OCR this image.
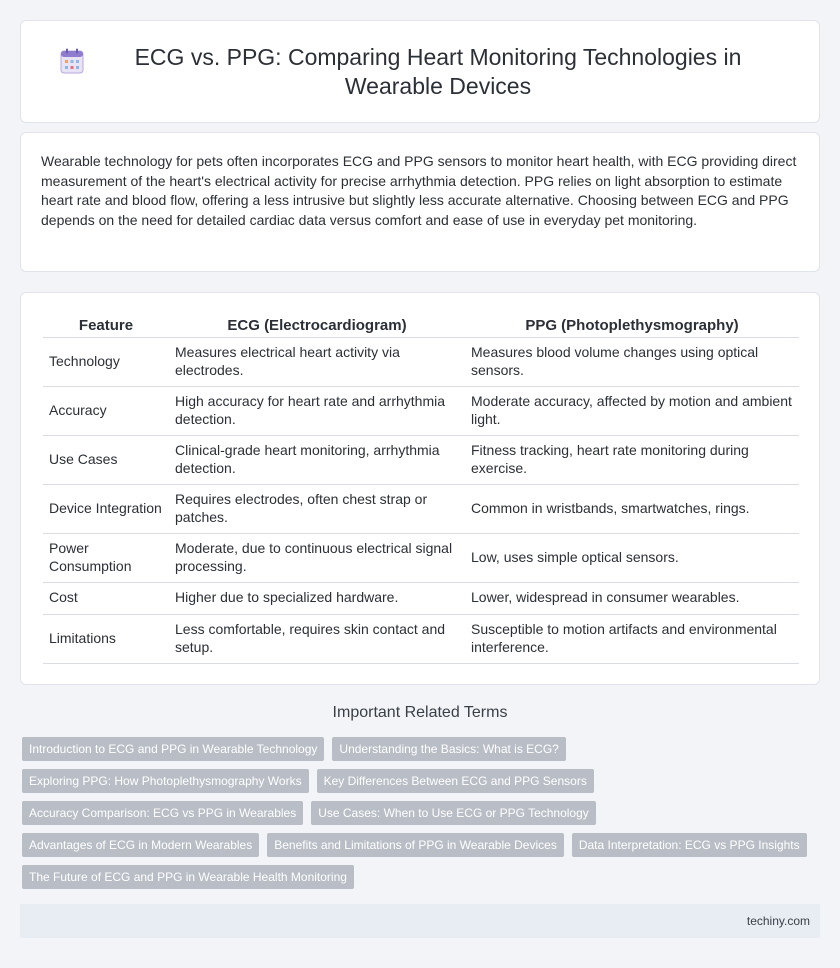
ECG vs. PPG: Comparing Heart Monitoring Technologies in Wearable Devices

Wearable technology for pets often incorporates ECG and PPG sensors to monitor heart health, with ECG providing direct measurement of the heart's electrical activity for precise arrhythmia detection. PPG relies on light absorption to estimate heart rate and blood flow, offering a less intrusive but slightly less accurate alternative. Choosing between ECG and PPG depends on the need for detailed cardiac data versus comfort and ease of use in everyday pet monitoring.

Feature	ECG (Electrocardiogram)	PPG (Photoplethysmography)
Technology	Measures electrical heart activity via electrodes.	Measures blood volume changes using optical sensors.
Accuracy	High accuracy for heart rate and arrhythmia detection.	Moderate accuracy, affected by motion and ambient light.
Use Cases	Clinical-grade heart monitoring, arrhythmia detection.	Fitness tracking, heart rate monitoring during exercise.
Device Integration	Requires electrodes, often chest strap or patches.	Common in wristbands, smartwatches, rings.
Power Consumption	Moderate, due to continuous electrical signal processing.	Low, uses simple optical sensors.
Cost	Higher due to specialized hardware.	Lower, widespread in consumer wearables.
Limitations	Less comfortable, requires skin contact and setup.	Susceptible to motion artifacts and environmental interference.
Important Related Terms
Introduction to ECG and PPG in Wearable Technology	Understanding the Basics: What is ECG?
Exploring PPG: How Photoplethysmography Works	Key Differences Between ECG and PPG Sensors
Accuracy Comparison: ECG vs PPG in Wearables	Use Cases: When to Use ECG or PPG Technology
Advantages of ECG in Modern Wearables	Benefits and Limitations of PPG in Wearable Devices	Data Interpretation: ECG vs PPG Insights
The Future of ECG and PPG in Wearable Health Monitoring
techiny.com
